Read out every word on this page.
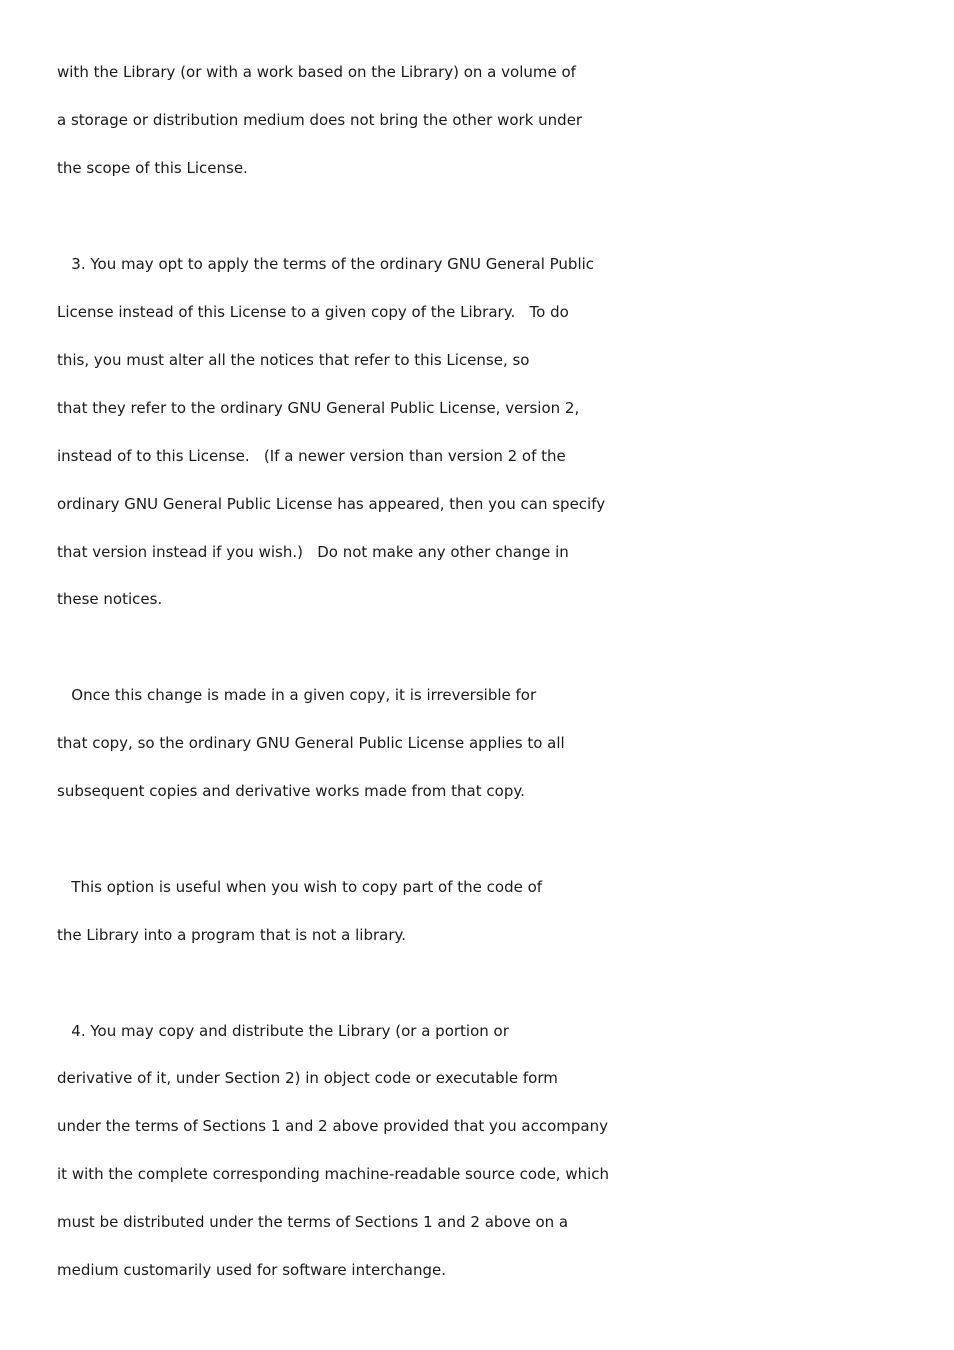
with the Library (or with a work based on the Library) on a volume of
a storage or distribution medium does not bring the other work under
the scope of this License.
3. You may opt to apply the terms of the ordinary GNU General Public
License instead of this License to a given copy of the Library.   To do
this, you must alter all the notices that refer to this License, so
that they refer to the ordinary GNU General Public License, version 2,
instead of to this License.   (If a newer version than version 2 of the
ordinary GNU General Public License has appeared, then you can specify
that version instead if you wish.)   Do not make any other change in
these notices.
Once this change is made in a given copy, it is irreversible for
that copy, so the ordinary GNU General Public License applies to all
subsequent copies and derivative works made from that copy.
This option is useful when you wish to copy part of the code of
the Library into a program that is not a library.
4. You may copy and distribute the Library (or a portion or
derivative of it, under Section 2) in object code or executable form
under the terms of Sections 1 and 2 above provided that you accompany
it with the complete corresponding machine-readable source code, which
must be distributed under the terms of Sections 1 and 2 above on a
medium customarily used for software interchange.
